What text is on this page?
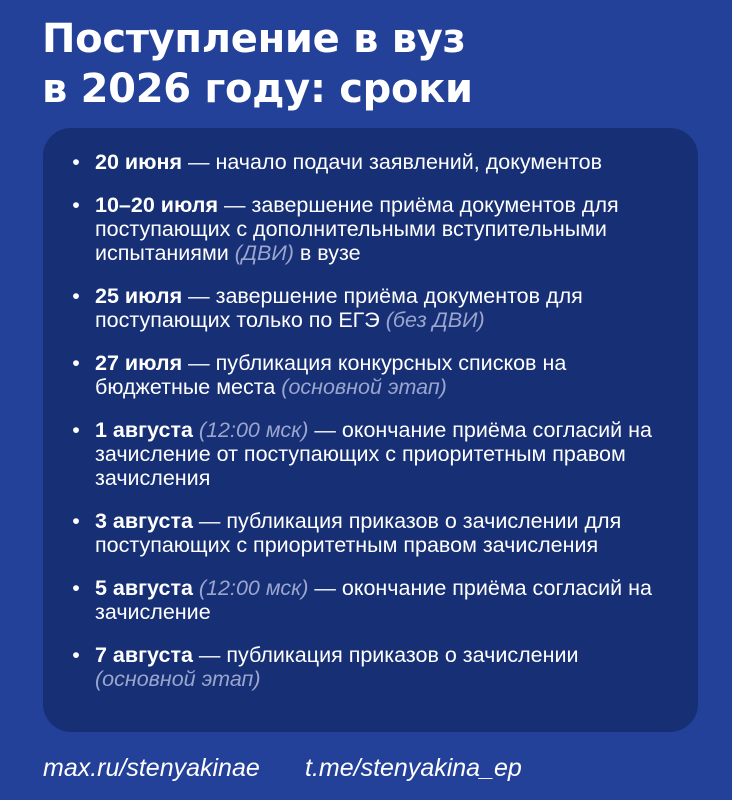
Поступление в вуз
в 2026 году: сроки
• 20 июня — начало подачи заявлений, документов
• 10–20 июля — завершение приёма документов для поступающих с дополнительными вступительными испытаниями (ДВИ) в вузе
• 25 июля — завершение приёма документов для поступающих только по ЕГЭ (без ДВИ)
• 27 июля — публикация конкурсных списков на бюджетные места (основной этап)
• 1 августа (12:00 мск) — окончание приёма согласий на зачисление от поступающих с приоритетным правом зачисления
• 3 августа — публикация приказов о зачислении для поступающих с приоритетным правом зачисления
• 5 августа (12:00 мск) — окончание приёма согласий на зачисление
• 7 августа — публикация приказов о зачислении (основной этап)
max.ru/stenyakinae t.me/stenyakina_ep
